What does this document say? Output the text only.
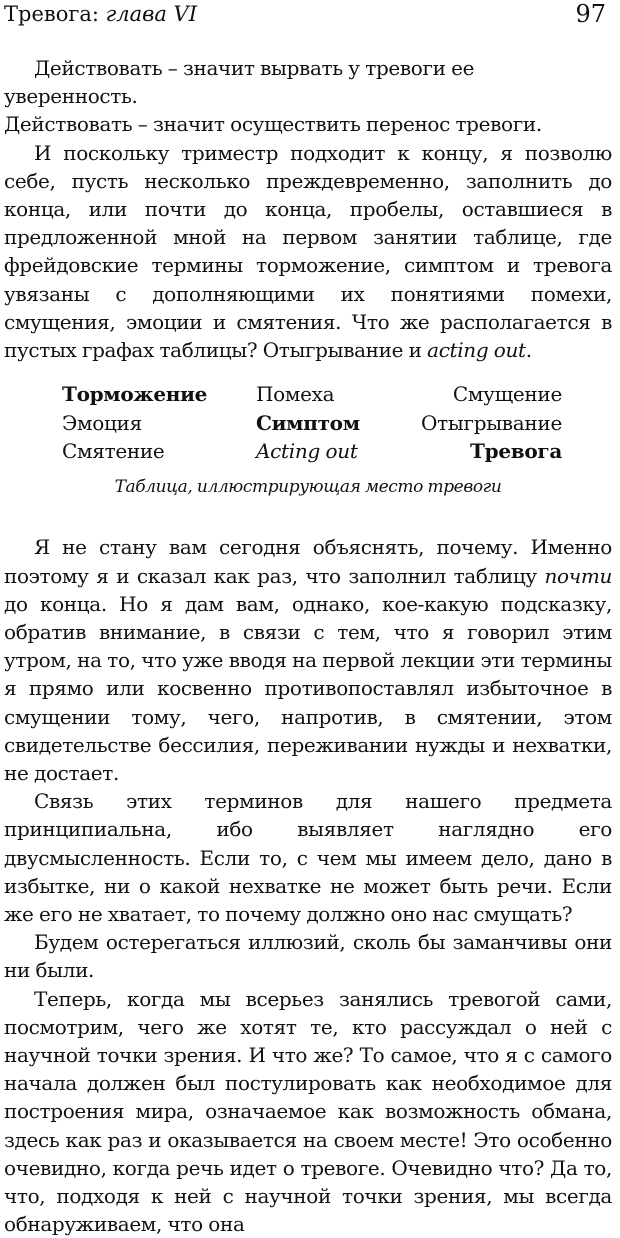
Тревога: глава VI	97

Действовать – значит вырвать у тревоги ее уверенность.
Действовать – значит осуществить перенос тревоги.

И поскольку триместр подходит к концу, я позволю себе, пусть несколько преждевременно, заполнить до конца, или почти до конца, пробелы, оставшиеся в предложенной мной на первом занятии таблице, где фрейдовские термины торможение, симптом и тревога увязаны с дополняющими их понятиями помехи, смущения, эмоции и смятения. Что же располагается в пустых графах таблицы? Отыгрывание и acting out.

Торможение	Помеха	Смущение
Эмоция	Симптом	Отыгрывание
Смятение	Acting out	Тревога
Таблица, иллюстрирующая место тревоги

Я не стану вам сегодня объяснять, почему. Именно поэтому я и сказал как раз, что заполнил таблицу почти до конца. Но я дам вам, однако, кое-какую подсказку, обратив внимание, в связи с тем, что я говорил этим утром, на то, что уже вводя на первой лекции эти термины я прямо или косвенно противопоставлял избыточное в смущении тому, чего, напротив, в смятении, этом свидетельстве бессилия, переживании нужды и нехватки, не достает.

Связь этих терминов для нашего предмета принципиальна, ибо выявляет наглядно его двусмысленность. Если то, с чем мы имеем дело, дано в избытке, ни о какой нехватке не может быть речи. Если же его не хватает, то почему должно оно нас смущать?

Будем остерегаться иллюзий, сколь бы заманчивы они ни были.

Теперь, когда мы всерьез занялись тревогой сами, посмотрим, чего же хотят те, кто рассуждал о ней с научной точки зрения. И что же? То самое, что я с самого начала должен был постулировать как необходимое для построения мира, означаемое как возможность обмана, здесь как раз и оказывается на своем месте! Это особенно очевидно, когда речь идет о тревоге. Очевидно что? Да то, что, подходя к ней с научной точки зрения, мы всегда обнаруживаем, что она
